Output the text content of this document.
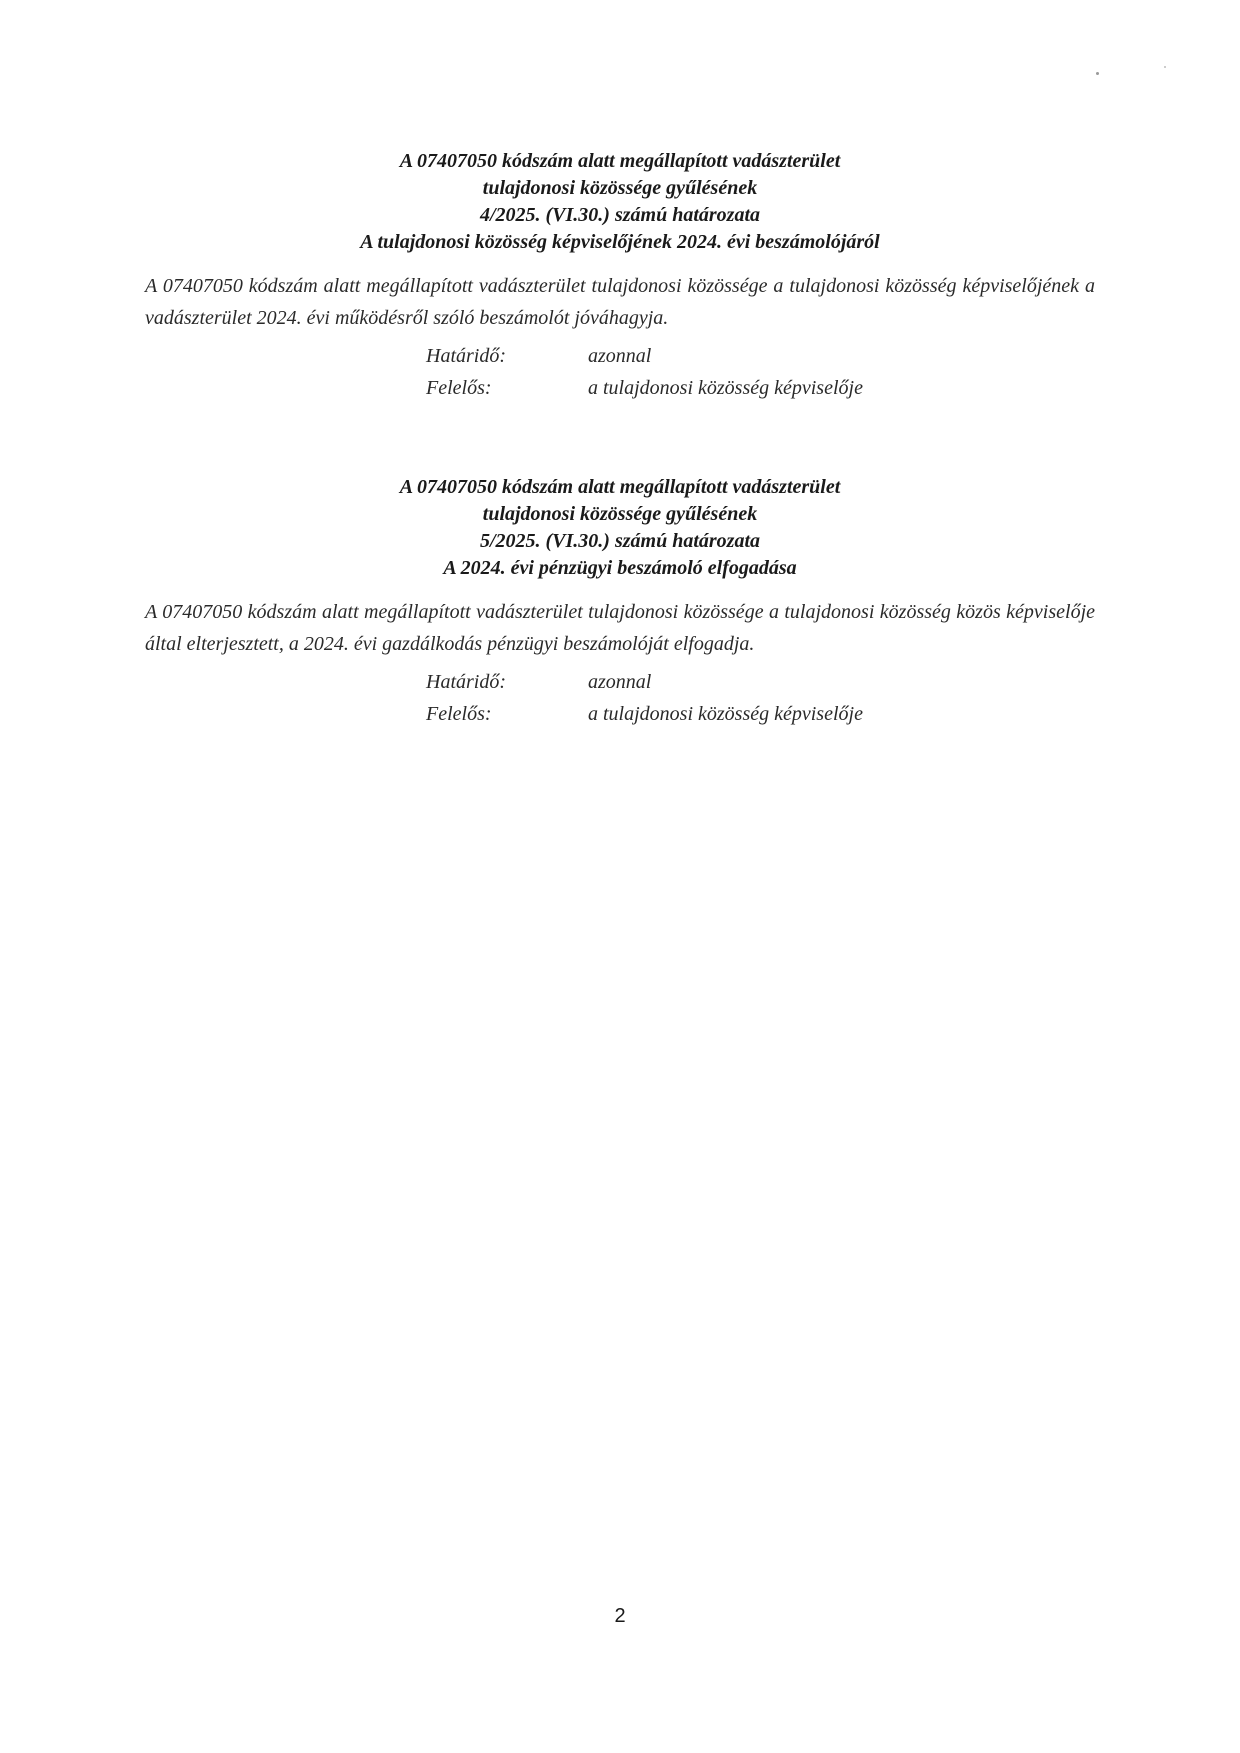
A 07407050 kódszám alatt megállapított vadászterület
tulajdonosi közössége gyűlésének
4/2025. (VI.30.) számú határozata
A tulajdonosi közösség képviselőjének 2024. évi beszámolójáról

A 07407050 kódszám alatt megállapított vadászterület tulajdonosi közössége a tulajdonosi közösség képviselőjének a vadászterület 2024. évi működésről szóló beszámolót jóváhagyja.

Határidő:	azonnal
Felelős:	a tulajdonosi közösség képviselője
A 07407050 kódszám alatt megállapított vadászterület
tulajdonosi közössége gyűlésének
5/2025. (VI.30.) számú határozata
A 2024. évi pénzügyi beszámoló elfogadása

A 07407050 kódszám alatt megállapított vadászterület tulajdonosi közössége a tulajdonosi közösség közös képviselője által elterjesztett, a 2024. évi gazdálkodás pénzügyi beszámolóját elfogadja.

Határidő:	azonnal
Felelős:	a tulajdonosi közösség képviselője
2
